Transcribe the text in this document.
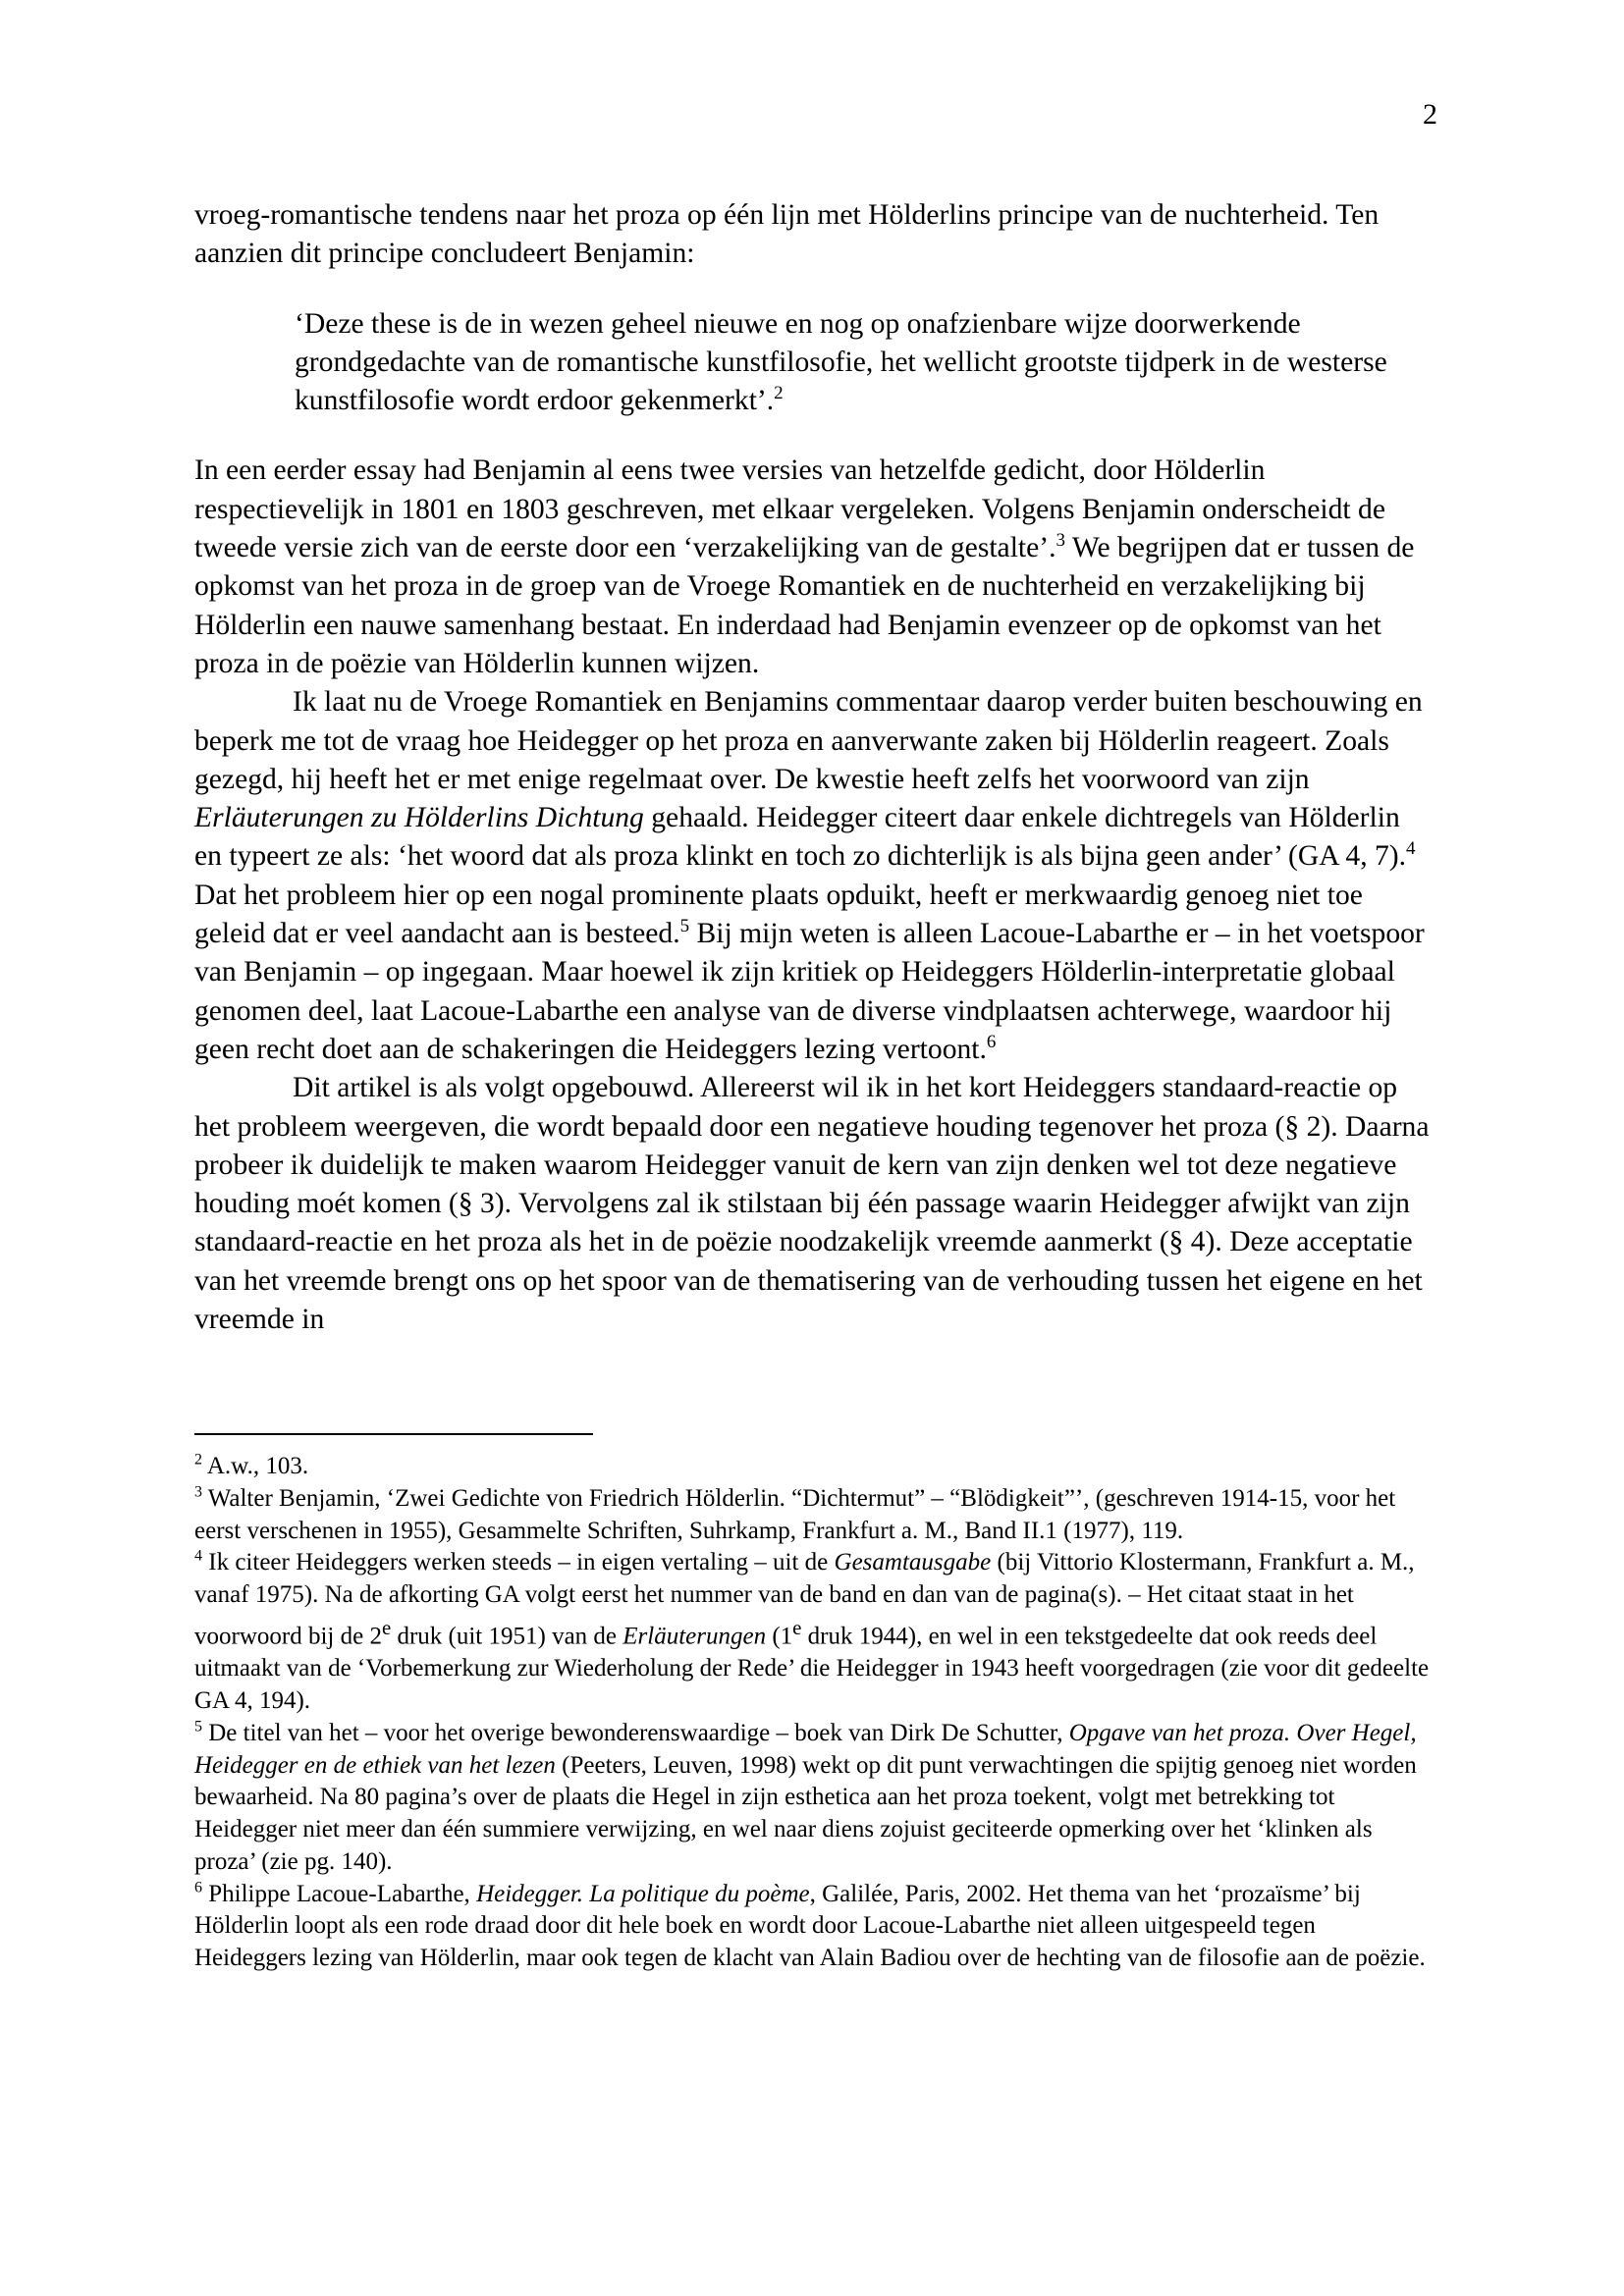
2

vroeg-romantische tendens naar het proza op één lijn met Hölderlins principe van de nuchterheid. Ten aanzien dit principe concludeert Benjamin:

‘Deze these is de in wezen geheel nieuwe en nog op onafzienbare wijze doorwerkende grondgedachte van de romantische kunstfilosofie, het wellicht grootste tijdperk in de westerse kunstfilosofie wordt erdoor gekenmerkt’.$^2$

In een eerder essay had Benjamin al eens twee versies van hetzelfde gedicht, door Hölderlin respectievelijk in 1801 en 1803 geschreven, met elkaar vergeleken. Volgens Benjamin onderscheidt de tweede versie zich van de eerste door een ‘verzakelijking van de gestalte’.$^3$ We begrijpen dat er tussen de opkomst van het proza in de groep van de Vroege Romantiek en de nuchterheid en verzakelijking bij Hölderlin een nauwe samenhang bestaat. En inderdaad had Benjamin evenzeer op de opkomst van het proza in de poëzie van Hölderlin kunnen wijzen.

Ik laat nu de Vroege Romantiek en Benjamins commentaar daarop verder buiten beschouwing en beperk me tot de vraag hoe Heidegger op het proza en aanverwante zaken bij Hölderlin reageert. Zoals gezegd, hij heeft het er met enige regelmaat over. De kwestie heeft zelfs het voorwoord van zijn Erläuterungen zu Hölderlins Dichtung gehaald. Heidegger citeert daar enkele dichtregels van Hölderlin en typeert ze als: ‘het woord dat als proza klinkt en toch zo dichterlijk is als bijna geen ander’ (GA 4, 7).$^4$ Dat het probleem hier op een nogal prominente plaats opduikt, heeft er merkwaardig genoeg niet toe geleid dat er veel aandacht aan is besteed.$^5$ Bij mijn weten is alleen Lacoue-Labarthe er – in het voetspoor van Benjamin – op ingegaan. Maar hoewel ik zijn kritiek op Heideggers Hölderlin-interpretatie globaal genomen deel, laat Lacoue-Labarthe een analyse van de diverse vindplaatsen achterwege, waardoor hij geen recht doet aan de schakeringen die Heideggers lezing vertoont.$^6$

Dit artikel is als volgt opgebouwd. Allereerst wil ik in het kort Heideggers standaard-reactie op het probleem weergeven, die wordt bepaald door een negatieve houding tegenover het proza (§ 2). Daarna probeer ik duidelijk te maken waarom Heidegger vanuit de kern van zijn denken wel tot deze negatieve houding moét komen (§ 3). Vervolgens zal ik stilstaan bij één passage waarin Heidegger afwijkt van zijn standaard-reactie en het proza als het in de poëzie noodzakelijk vreemde aanmerkt (§ 4). Deze acceptatie van het vreemde brengt ons op het spoor van de thematisering van de verhouding tussen het eigene en het vreemde in

$^2$ A.w., 103.

$^3$ Walter Benjamin, ‘Zwei Gedichte von Friedrich Hölderlin. “Dichtermut” – “Blödigkeit”’, (geschreven 1914-15, voor het eerst verschenen in 1955), Gesammelte Schriften, Suhrkamp, Frankfurt a. M., Band II.1 (1977), 119.

$^4$ Ik citeer Heideggers werken steeds – in eigen vertaling – uit de Gesamtausgabe (bij Vittorio Klostermann, Frankfurt a. M., vanaf 1975). Na de afkorting GA volgt eerst het nummer van de band en dan van de pagina(s). – Het citaat staat in het voorwoord bij de 2e druk (uit 1951) van de Erläuterungen (1e druk 1944), en wel in een tekstgedeelte dat ook reeds deel uitmaakt van de ‘Vorbemerkung zur Wiederholung der Rede’ die Heidegger in 1943 heeft voorgedragen (zie voor dit gedeelte GA 4, 194).

$^5$ De titel van het – voor het overige bewonderenswaardige – boek van Dirk De Schutter, Opgave van het proza. Over Hegel, Heidegger en de ethiek van het lezen (Peeters, Leuven, 1998) wekt op dit punt verwachtingen die spijtig genoeg niet worden bewaarheid. Na 80 pagina’s over de plaats die Hegel in zijn esthetica aan het proza toekent, volgt met betrekking tot Heidegger niet meer dan één summiere verwijzing, en wel naar diens zojuist geciteerde opmerking over het ‘klinken als proza’ (zie pg. 140).

$^6$ Philippe Lacoue-Labarthe, Heidegger. La politique du poème, Galilée, Paris, 2002. Het thema van het ‘prozaïsme’ bij Hölderlin loopt als een rode draad door dit hele boek en wordt door Lacoue-Labarthe niet alleen uitgespeeld tegen Heideggers lezing van Hölderlin, maar ook tegen de klacht van Alain Badiou over de hechting van de filosofie aan de poëzie.
